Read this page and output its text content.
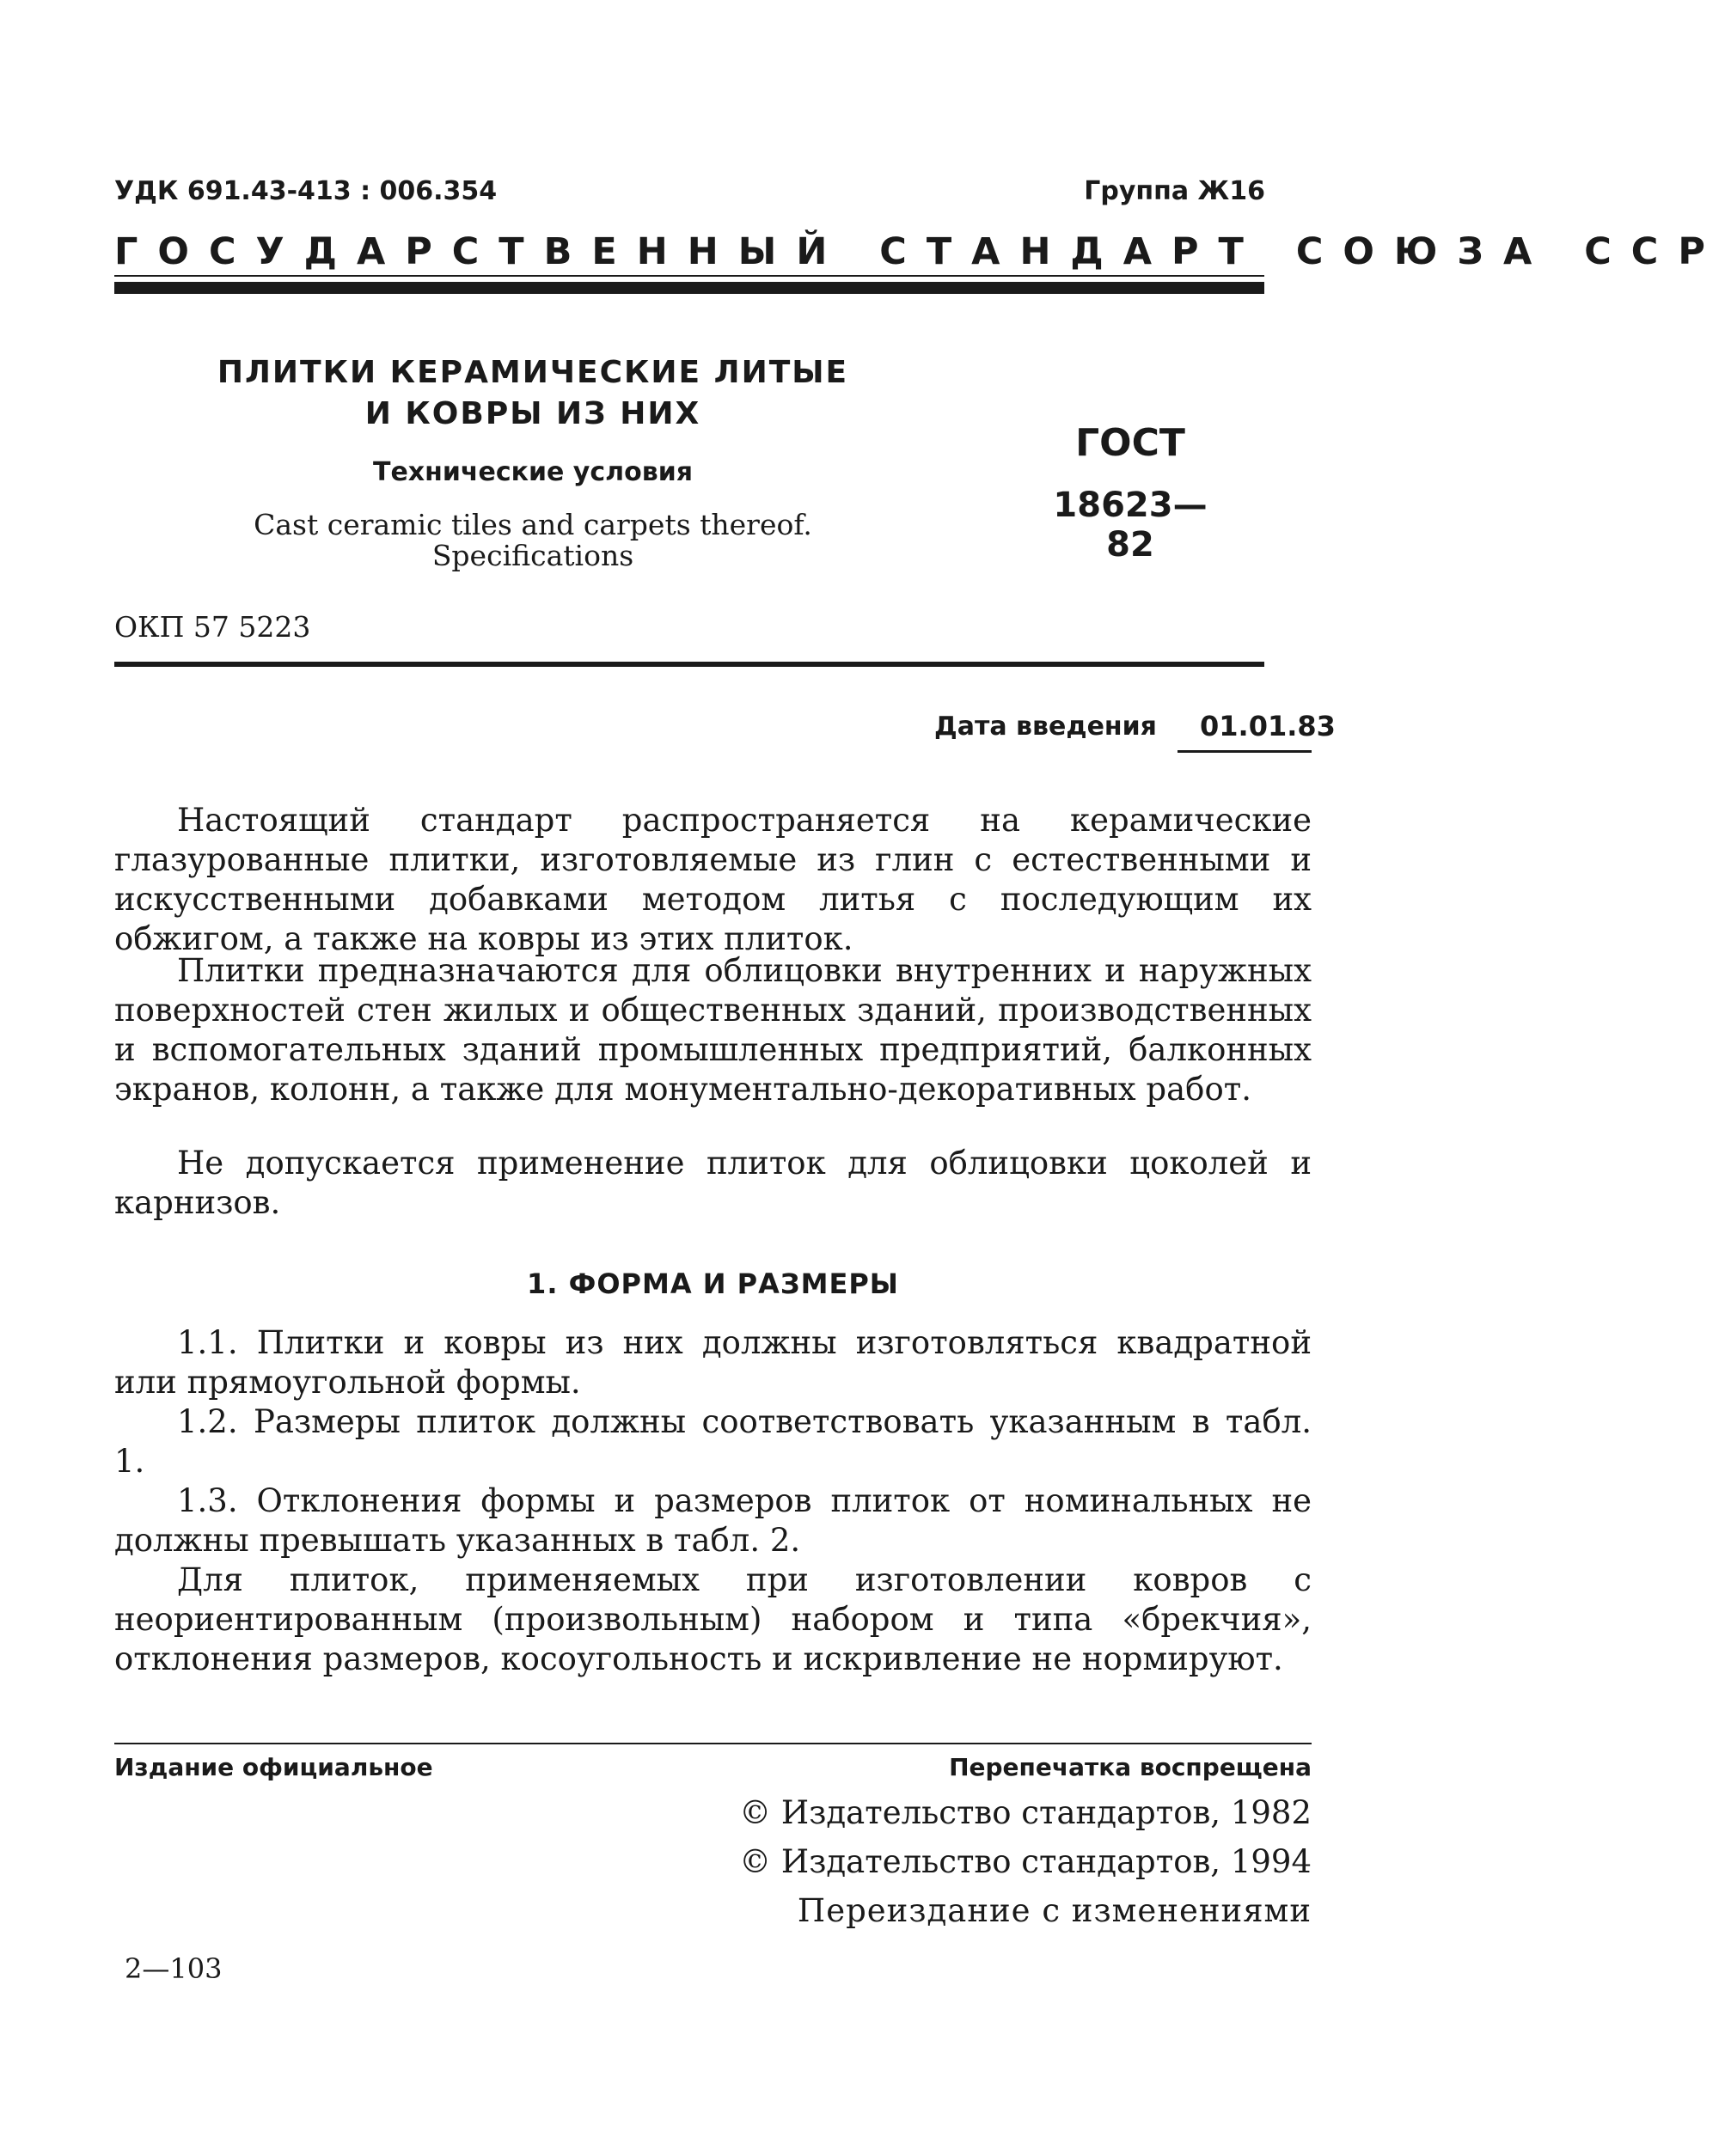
УДК 691.43-413 : 006.354	Группа Ж16
ГОСУДАРСТВЕННЫЙ СТАНДАРТ СОЮЗА ССР
ПЛИТКИ КЕРАМИЧЕСКИЕ ЛИТЫЕ
И КОВРЫ ИЗ НИХ
Технические условия
Cast ceramic tiles and carpets thereof.
Specifications
ГОСТ
18623—82
ОКП 57 5223
Дата введения 01.01.83
Настоящий стандарт распространяется на керамические глазурованные плитки, изготовляемые из глин с естественными и искусственными добавками методом литья с последующим их обжигом, а также на ковры из этих плиток.
Плитки предназначаются для облицовки внутренних и наружных поверхностей стен жилых и общественных зданий, производственных и вспомогательных зданий промышленных предприятий, балконных экранов, колонн, а также для монументально-декоративных работ.
Не допускается применение плиток для облицовки цоколей и карнизов.
1. ФОРМА И РАЗМЕРЫ
1.1. Плитки и ковры из них должны изготовляться квадратной или прямоугольной формы.
1.2. Размеры плиток должны соответствовать указанным в табл. 1.
1.3. Отклонения формы и размеров плиток от номинальных не должны превышать указанных в табл. 2.
Для плиток, применяемых при изготовлении ковров с неориентированным (произвольным) набором и типа «брекчия», отклонения размеров, косоугольность и искривление не нормируют.
Издание официальное	Перепечатка воспрещена
© Издательство стандартов, 1982
© Издательство стандартов, 1994
Переиздание с изменениями
2—103
